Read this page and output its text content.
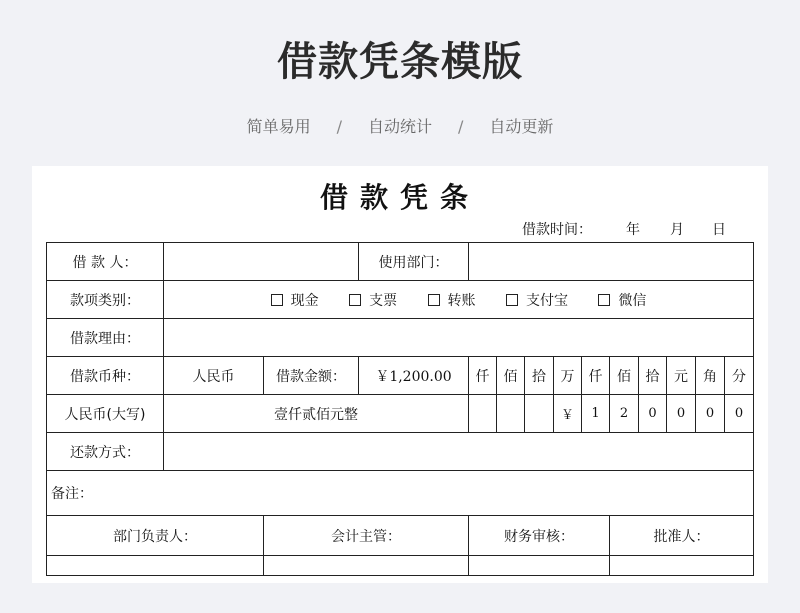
借款凭条模版
简单易用 / 自动统计 / 自动更新
借款凭条
借款时间： 年 月 日
借 款 人：			使用部门：										
款项类别：	现金 支票 转账 支付宝 微信												
借款理由：													
借款币种：	人民币	借款金额：	￥1,200.00	仟	佰	拾	万	仟	佰	拾	元	角	分
人民币(大写)	壹仟贰佰元整						￥	1	2	0	0	0	0
还款方式：													
备注：													
部门负责人：		会计主管：		财务审核：					批准人：				
